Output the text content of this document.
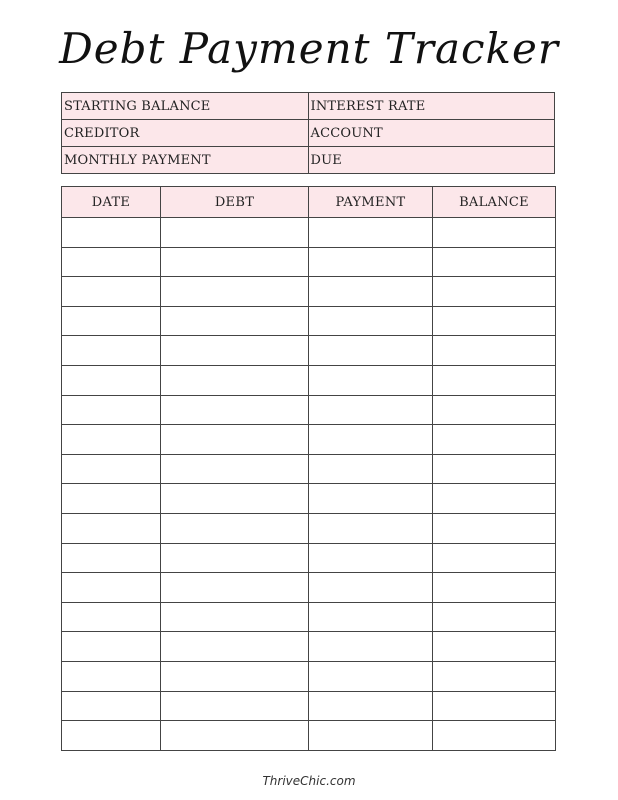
Debt Payment Tracker
STARTING BALANCE	INTEREST RATE
CREDITOR	ACCOUNT
MONTHLY PAYMENT	DUE
DATE	DEBT	PAYMENT	BALANCE

ThriveChic.com
